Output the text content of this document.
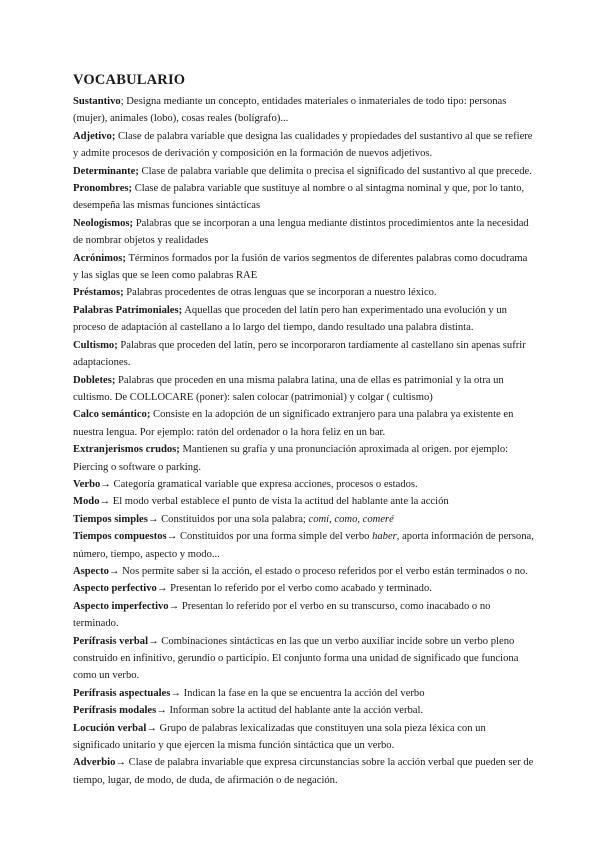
VOCABULARIO

Sustantivo; Designa mediante un concepto, entidades materiales o inmateriales de todo tipo: personas (mujer), animales (lobo), cosas reales (bolígrafo)...

Adjetivo; Clase de palabra variable que designa las cualidades y propiedades del sustantivo al que se refiere y admite procesos de derivación y composición en la formación de nuevos adjetivos.

Determinante; Clase de palabra variable que delimita o precisa el significado del sustantivo al que precede.

Pronombres; Clase de palabra variable que sustituye al nombre o al sintagma nominal y que, por lo tanto, desempeña las mismas funciones sintácticas

Neologismos; Palabras que se incorporan a una lengua mediante distintos procedimientos ante la necesidad de nombrar objetos y realidades

Acrónimos; Términos formados por la fusión de varios segmentos de diferentes palabras como docudrama y las siglas que se leen como palabras RAE

Préstamos; Palabras procedentes de otras lenguas que se incorporan a nuestro léxico.

Palabras Patrimoniales; Aquellas que proceden del latín pero han experimentado una evolución y un proceso de adaptación al castellano a lo largo del tiempo, dando resultado una palabra distinta.

Cultismo; Palabras que proceden del latín, pero se incorporaron tardíamente al castellano sin apenas sufrir adaptaciones.

Dobletes; Palabras que proceden en una misma palabra latina, una de ellas es patrimonial y la otra un cultismo. De COLLOCARE (poner): salen colocar (patrimonial) y colgar ( cultismo)

Calco semántico; Consiste en la adopción de un significado extranjero para una palabra ya existente en nuestra lengua. Por ejemplo: ratón del ordenador o la hora feliz en un bar.

Extranjerismos crudos; Mantienen su grafía y una pronunciación aproximada al origen. por ejemplo: Piercing o software o parking.

Verbo→ Categoría gramatical variable que expresa acciones, procesos o estados.

Modo→ El modo verbal establece el punto de vista la actitud del hablante ante la acción

Tiempos simples→ Constituidos por una sola palabra; comí, como, comeré

Tiempos compuestos→ Constituidos por una forma simple del verbo haber, aporta información de persona, número, tiempo, aspecto y modo...

Aspecto→ Nos permite saber si la acción, el estado o proceso referidos por el verbo están terminados o no.

Aspecto perfectivo→ Presentan lo referido por el verbo como acabado y terminado.

Aspecto imperfectivo→ Presentan lo referido por el verbo en su transcurso, como inacabado o no terminado.

Perífrasis verbal→ Combinaciones sintácticas en las que un verbo auxiliar incide sobre un verbo pleno construido en infinitivo, gerundio o participio. El conjunto forma una unidad de significado que funciona como un verbo.

Perífrasis aspectuales→ Indican la fase en la que se encuentra la acción del verbo

Perífrasis modales→ Informan sobre la actitud del hablante ante la acción verbal.

Locución verbal→ Grupo de palabras lexicalizadas que constituyen una sola pieza léxica con un significado unitario y que ejercen la misma función sintáctica que un verbo.

Adverbio→ Clase de palabra invariable que expresa circunstancias sobre la acción verbal que pueden ser de tiempo, lugar, de modo, de duda, de afirmación o de negación.
